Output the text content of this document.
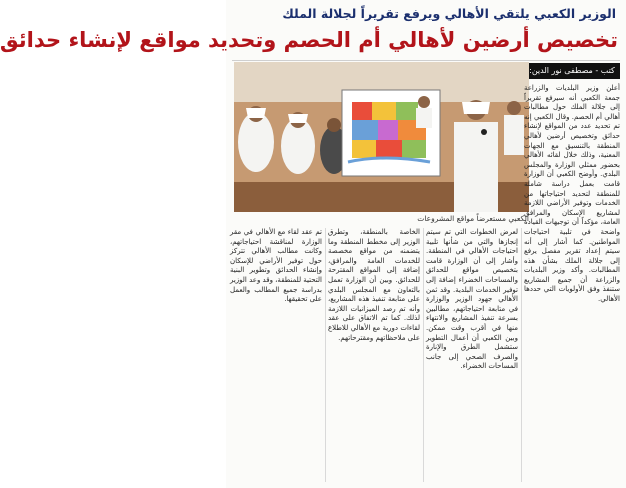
الوزير الكعبي يلتقي الأهالي ويرفع تقريراً لجلالة الملك
تخصيص أرضين لأهالي أم الحصم وتحديد مواقع لإنشاء حدائق
كتب - مصطفى نور الدين:
الكعبي مستعرضاً مواقع المشروعات

أعلن وزير البلديات والزراعة جمعة الكعبي أنه سيرفع تقريراً إلى جلالة الملك حول مطالبات أهالي أم الحصم. وقال الكعبي إنه تم تحديد عدد من المواقع لإنشاء حدائق وتخصيص أرضين لأهالي المنطقة بالتنسيق مع الجهات المعنية، وذلك خلال لقائه الأهالي بحضور ممثلي الوزارة والمجلس البلدي. وأوضح الكعبي أن الوزارة قامت بعمل دراسة شاملة للمنطقة لتحديد احتياجاتها من الخدمات وتوفير الأراضي اللازمة لمشاريع الإسكان والمرافق العامة، مؤكداً أن توجيهات القيادة واضحة في تلبية احتياجات المواطنين. كما أشار إلى أنه سيتم إعداد تقرير مفصل يرفع إلى جلالة الملك بشأن هذه المطالبات. وأكد وزير البلديات والزراعة أن جميع المشاريع ستنفذ وفق الأولويات التي حددها الأهالي.

لعرض الخطوات التي تم سيتم إنجازها والتي من شأنها تلبية احتياجات الأهالي في المنطقة. وأشار إلى أن الوزارة قامت بتخصيص مواقع للحدائق والمساحات الخضراء إضافة إلى توفير الخدمات البلدية. وقد ثمن الأهالي جهود الوزير والوزارة في متابعة احتياجاتهم، مطالبين بسرعة تنفيذ المشاريع والانتهاء منها في أقرب وقت ممكن. وبين الكعبي أن أعمال التطوير ستشمل الطرق والإنارة والصرف الصحي إلى جانب المساحات الخضراء.

الخاصة بالمنطقة، وتطرق الوزير إلى مخطط المنطقة وما يتضمنه من مواقع مخصصة للخدمات العامة والمرافق، إضافة إلى المواقع المقترحة للحدائق. وبين أن الوزارة تعمل بالتعاون مع المجلس البلدي على متابعة تنفيذ هذه المشاريع، وأنه تم رصد الميزانيات اللازمة لذلك. كما تم الاتفاق على عقد لقاءات دورية مع الأهالي للاطلاع على ملاحظاتهم ومقترحاتهم.

تم عقد لقاء مع الأهالي في مقر الوزارة لمناقشة احتياجاتهم، وكانت مطالب الأهالي تتركز حول توفير الأراضي للإسكان وإنشاء الحدائق وتطوير البنية التحتية للمنطقة، وقد وعد الوزير بدراسة جميع المطالب والعمل على تحقيقها.
